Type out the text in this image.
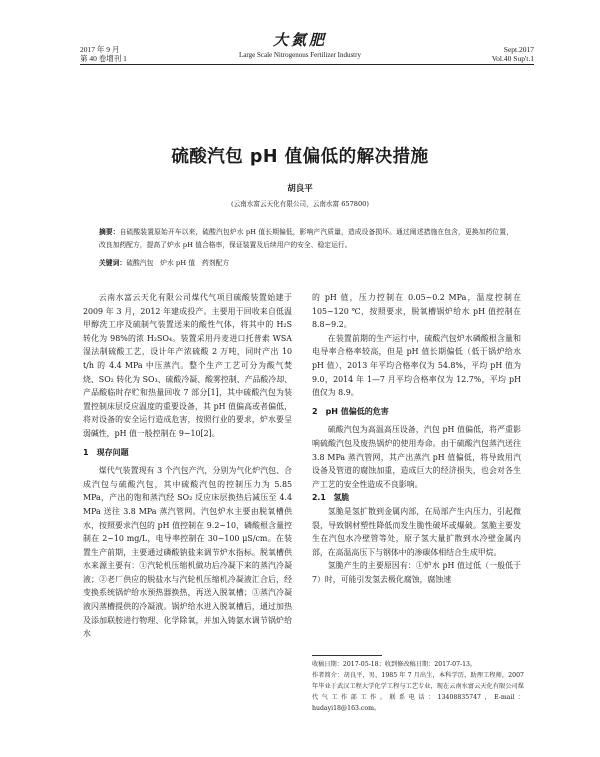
2017 年 9 月
第 40 卷增刊 1
大氮肥
Large Scale Nitrogenous Fertilizer Industry
Sept.2017
Vol.40 Sup't.1
硫酸汽包 pH 值偏低的解决措施
胡良平
(云南水富云天化有限公司，云南水富 657800)
摘要：自硫酸装置原始开车以来，硫酸汽包炉水 pH 值长期偏低，影响产汽质量，造成设备损坏。通过阐述措施在包含，更换加药位置，改良加药配方，提高了炉水 pH 值合格率，保证装置及后续用户的安全、稳定运行。
关键词：硫酸汽包　炉水 pH 值　药剂配方

云南水富云天化有限公司煤代气项目硫酸装置始建于 2009 年 3 月，2012 年建成投产。主要用于回收来自低温甲醇洗工序及硫制气装置送来的酸性气体，将其中的 H₂S 转化为 98%的浓 H₂SO₄。装置采用丹麦进口托普索 WSA 湿法制硫酸工艺，设计年产浓硫酸 2 万吨，同时产出 10 t/h 的 4.4 MPa 中压蒸汽。整个生产工艺可分为酸气焚烧、SO₂ 转化为 SO₃、硫酸冷凝、酸雾控制、产品酸冷却、产品酸临时存贮和热量回收 7 部分[1]，其中硫酸汽包为装置控制床层反应温度的重要设备，其 pH 值偏高或者偏低，将对设备的安全运行造成危害，按照行业的要求，炉水要呈弱碱性，pH 值一般控制在 9~10[2]。

1　现存问题

煤代气装置现有 3 个汽包产汽，分别为气化炉汽包、合成汽包与硫酸汽包，其中硫酸汽包的控制压力为 5.85 MPa，产出的饱和蒸汽经 SO₂ 反应床层换热后减压至 4.4 MPa 送往 3.8 MPa 蒸汽管网。汽包炉水主要由脱氧槽供水，按照要求汽包的 pH 值控制在 9.2~10，磷酸根含量控制在 2~10 mg/L，电导率控制在 30~100 μS/cm。在装置生产前期，主要通过磷酸钠盐来调节炉水指标。脱氧槽供水来源主要有：①汽轮机压缩机做功后冷凝下来的蒸汽冷凝液；②老厂供应的脱盐水与汽轮机压缩机冷凝液汇合后，经变换系统锅炉给水预热器换热，再送入脱氧槽；③蒸汽冷凝液闪蒸槽提供的冷凝液。锅炉给水进入脱氧槽后，通过加热及添加联胺进行物理、化学除氧，并加入铸氨水调节锅炉给水

的 pH 值，压力控制在 0.05~0.2 MPa，温度控制在 105~120 ℃，按照要求，脱氧槽锅炉给水 pH 值控制在 8.8~9.2。

在装置前期的生产运行中，硫酸汽包炉水磷酸根含量和电导率合格率较高，但是 pH 值长期偏低（低于锅炉给水 pH 值），2013 年平均合格率仅为 54.8%，平均 pH 值为 9.0，2014 年 1—7 月平均合格率仅为 12.7%，平均 pH 值仅为 8.9。

2　pH 值偏低的危害

硫酸汽包为高温高压设备，汽包 pH 值偏低，将严重影响硫酸汽包及废热锅炉的使用寿命。由于硫酸汽包蒸汽送往 3.8 MPa 蒸汽管网，其产出蒸汽 pH 值偏低，将导致用汽设备及管道的腐蚀加重，造成巨大的经济损失，也会对各生产工艺的安全性造成不良影响。

2.1　氢脆

氢脆是氢扩散到金属内部，在局部产生内压力，引起微裂，导致钢材塑性降低而发生脆性破坏或爆破。氢脆主要发生在汽包水冷壁管等处，原子氢大量扩散到水冷壁金属内部，在高温高压下与钢体中的渗碳体相结合生成甲烷。

氢脆产生的主要原因有：①炉水 pH 值过低（一般低于 7）时，可能引发氢去极化腐蚀，腐蚀速

收稿日期：2017-05-18；收到修改稿日期：2017-07-13。
作者简介：胡良平，男，1985 年 7 月出生，本科学历，助理工程师，2007 年毕业于武汉工程大学化学工程与工艺专业，现在云南水富云天化有限公司煤代气工作部工作。联系电话：13408835747，E-mail：hudayi18@163.com。
